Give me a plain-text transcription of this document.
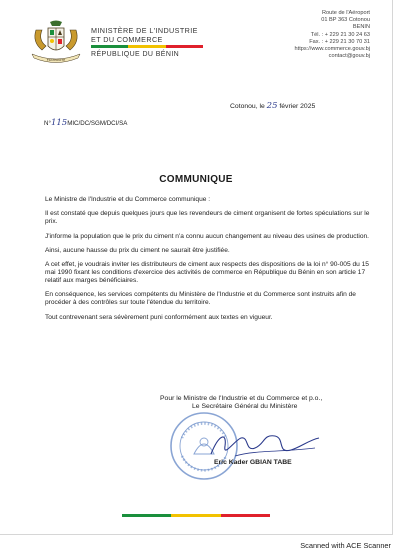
FRATERNITE
MINISTÈRE DE L'INDUSTRIE
ET DU COMMERCE
RÉPUBLIQUE DU BÉNIN
Route de l'Aéroport
01 BP 363 Cotonou
BENIN
Tél. : + 229 21 30 24 63
Fax. : + 229 21 30 70 31
https://www.commerce.gouv.bj
contact@gouv.bj
Cotonou, le 25 février 2025
N°115MIC/DC/SGM/DCI/SA
COMMUNIQUE

Le Ministre de l'Industrie et du Commerce communique :

Il est constaté que depuis quelques jours que les revendeurs de ciment organisent de fortes spéculations sur le prix.

J'informe la population que le prix du ciment n'a connu aucun changement au niveau des usines de production.

Ainsi, aucune hausse du prix du ciment ne saurait être justifiée.

A cet effet, je voudrais inviter les distributeurs de ciment aux respects des dispositions de la loi n° 90-005 du 15 mai 1990 fixant les conditions d'exercice des activités de commerce en République du Bénin en son article 17 relatif aux marges bénéficiaires.

En conséquence, les services compétents du Ministère de l'Industrie et du Commerce sont instruits afin de procéder à des contrôles sur toute l'étendue du territoire.

Tout contrevenant sera sévèrement puni conformément aux textes en vigueur.

Pour le Ministre de l'Industrie et du Commerce et p.o.,
Le Secrétaire Général du Ministère
Eric Kader GBIAN TABE
Scanned with ACE Scanner
